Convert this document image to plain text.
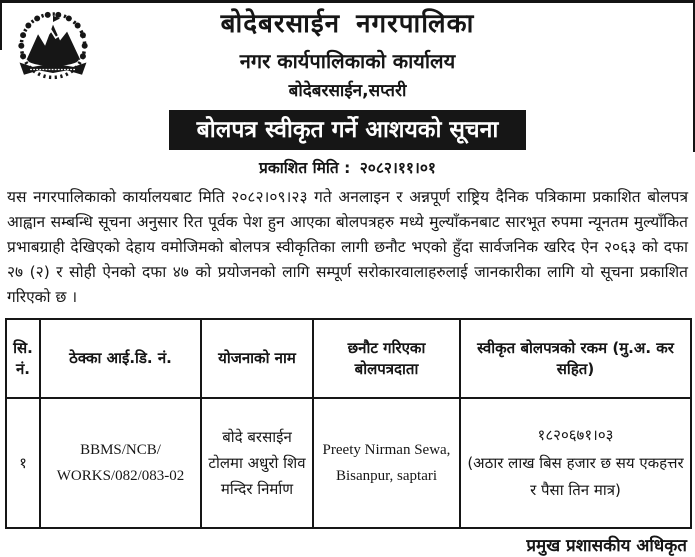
बोदेबरसाईन नगरपालिका
नगर कार्यपालिकाको कार्यालय
बोदेबरसाईन,सप्तरी
बोलपत्र स्वीकृत गर्ने आशयको सूचना
प्रकाशित मिति : २०८२।११।०१
यस नगरपालिकाको कार्यालयबाट मिति २०८२।०९।२३ गते अनलाइन र अन्नपूर्ण राष्ट्रिय दैनिक पत्रिकामा प्रकाशित बोलपत्र आह्वान सम्बन्धि सूचना अनुसार रित पूर्वक पेश हुन आएका बोलपत्रहरु मध्ये मुल्याँकनबाट सारभूत रुपमा न्यूनतम मुल्याँकित प्रभाबग्राही देखिएको देहाय वमोजिमको बोलपत्र स्वीकृतिका लागी छनौट भएको हुँदा सार्वजनिक खरिद ऐन २०६३ को दफा २७ (२) र सोही ऐनको दफा ४७ को प्रयोजनको लागि सम्पूर्ण सरोकारवालाहरुलाई जानकारीका लागि यो सूचना प्रकाशित गरिएको छ ।
सि. नं.	ठेक्का आई.डि. नं.	योजनाको नाम	छनौट गरिएका बोलपत्रदाता	स्वीकृत बोलपत्रको रकम (मु.अ. कर सहित)
१	BBMS/NCB/ WORKS/082/083-02	बोदे बरसाईन टोलमा अधुरो शिव मन्दिर निर्माण	Preety Nirman Sewa, Bisanpur, saptari	१८२०६७१।०३
(अठार लाख बिस हजार छ सय एकहत्तर र पैसा तिन मात्र)
प्रमुख प्रशासकीय अधिकृत
